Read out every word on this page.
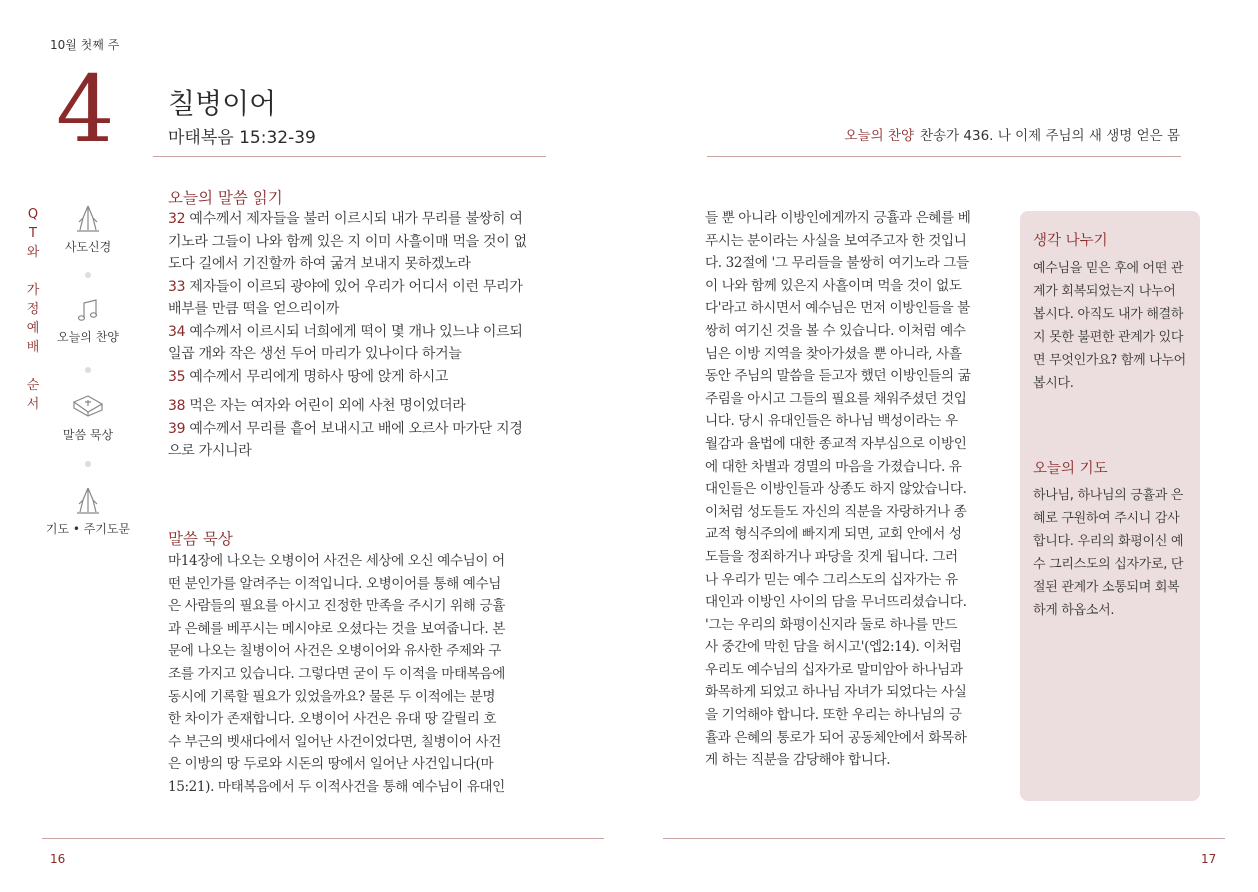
10월 첫째 주
4 칠병이어
마태복음 15:32-39	오늘의 찬양 찬송가 436. 나 이제 주님의 새 생명 얻은 몸
Q
T
와

가
정
예
배

순
서
사도신경
오늘의 찬양
말씀 묵상
기도 • 주기도문
오늘의 말씀 읽기
32 예수께서 제자들을 불러 이르시되 내가 무리를 불쌍히 여
기노라 그들이 나와 함께 있은 지 이미 사흘이매 먹을 것이 없
도다 길에서 기진할까 하여 굶겨 보내지 못하겠노라
33 제자들이 이르되 광야에 있어 우리가 어디서 이런 무리가
배부를 만큼 떡을 얻으리이까
34 예수께서 이르시되 너희에게 떡이 몇 개나 있느냐 이르되
일곱 개와 작은 생선 두어 마리가 있나이다 하거늘
35 예수께서 무리에게 명하사 땅에 앉게 하시고
38 먹은 자는 여자와 어린이 외에 사천 명이었더라
39 예수께서 무리를 흩어 보내시고 배에 오르사 마가단 지경
으로 가시니라
말씀 묵상
마14장에 나오는 오병이어 사건은 세상에 오신 예수님이 어
떤 분인가를 알려주는 이적입니다. 오병이어를 통해 예수님
은 사람들의 필요를 아시고 진정한 만족을 주시기 위해 긍휼
과 은혜를 베푸시는 메시야로 오셨다는 것을 보여줍니다. 본
문에 나오는 칠병이어 사건은 오병이어와 유사한 주제와 구
조를 가지고 있습니다. 그렇다면 굳이 두 이적을 마태복음에
동시에 기록할 필요가 있었을까요? 물론 두 이적에는 분명
한 차이가 존재합니다. 오병이어 사건은 유대 땅 갈릴리 호
수 부근의 벳새다에서 일어난 사건이었다면, 칠병이어 사건
은 이방의 땅 두로와 시돈의 땅에서 일어난 사건입니다(마
15:21). 마태복음에서 두 이적사건을 통해 예수님이 유대인
들 뿐 아니라 이방인에게까지 긍휼과 은혜를 베
푸시는 분이라는 사실을 보여주고자 한 것입니
다. 32절에 '그 무리들을 불쌍히 여기노라 그들
이 나와 함께 있은지 사흘이며 먹을 것이 없도
다'라고 하시면서 예수님은 먼저 이방인들을 불
쌍히 여기신 것을 볼 수 있습니다. 이처럼 예수
님은 이방 지역을 찾아가셨을 뿐 아니라, 사흘
동안 주님의 말씀을 듣고자 했던 이방인들의 굶
주림을 아시고 그들의 필요를 채워주셨던 것입
니다. 당시 유대인들은 하나님 백성이라는 우
월감과 율법에 대한 종교적 자부심으로 이방인
에 대한 차별과 경멸의 마음을 가졌습니다. 유
대인들은 이방인들과 상종도 하지 않았습니다.
이처럼 성도들도 자신의 직분을 자랑하거나 종
교적 형식주의에 빠지게 되면, 교회 안에서 성
도들을 정죄하거나 파당을 짓게 됩니다. 그러
나 우리가 믿는 예수 그리스도의 십자가는 유
대인과 이방인 사이의 담을 무너뜨리셨습니다.
'그는 우리의 화평이신지라 둘로 하나를 만드
사 중간에 막힌 담을 허시고'(엡2:14). 이처럼
우리도 예수님의 십자가로 말미암아 하나님과
화목하게 되었고 하나님 자녀가 되었다는 사실
을 기억해야 합니다. 또한 우리는 하나님의 긍
휼과 은혜의 통로가 되어 공동체안에서 화목하
게 하는 직분을 감당해야 합니다.
생각 나누기
예수님을 믿은 후에 어떤 관
계가 회복되었는지 나누어
봅시다. 아직도 내가 해결하
지 못한 불편한 관계가 있다
면 무엇인가요? 함께 나누어
봅시다.
오늘의 기도
하나님, 하나님의 긍휼과 은
혜로 구원하여 주시니 감사
합니다. 우리의 화평이신 예
수 그리스도의 십자가로, 단
절된 관계가 소통되며 회복
하게 하옵소서.
16	17
